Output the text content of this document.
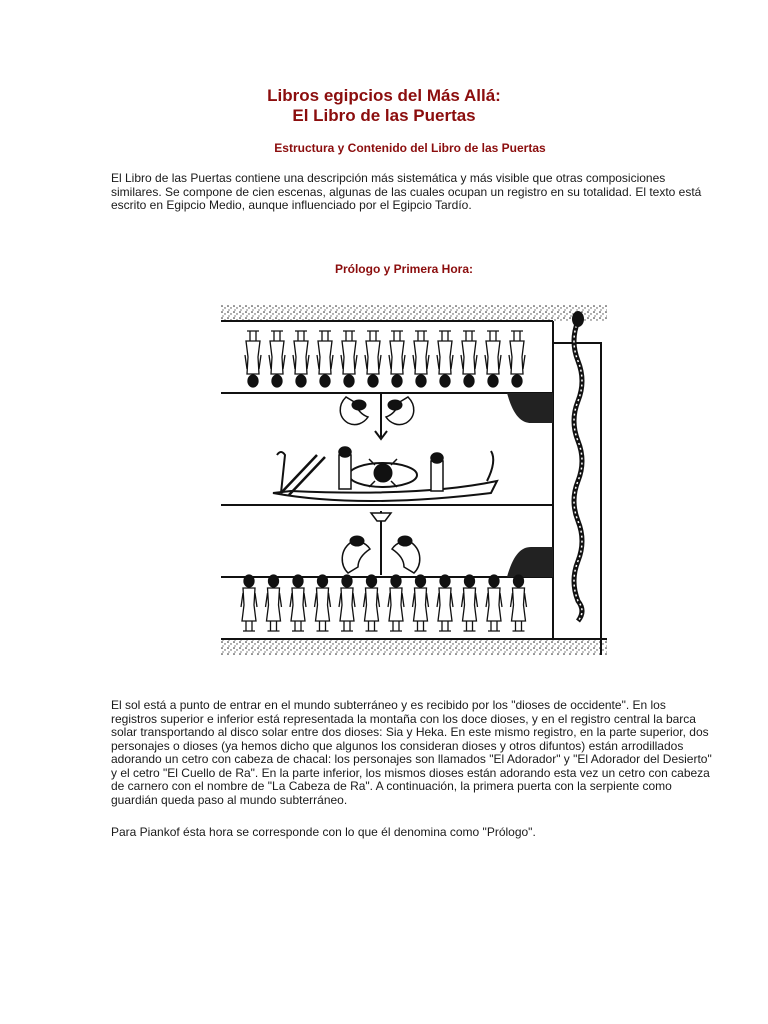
Libros egipcios del Más Allá:
El Libro de las Puertas
Estructura y Contenido del Libro de las Puertas

El Libro de las Puertas contiene una descripción más sistemática y más visible que otras composiciones similares. Se compone de cien escenas, algunas de las cuales ocupan un registro en su totalidad. El texto está escrito en Egipcio Medio, aunque influenciado por el Egipcio Tardío.

Prólogo y Primera Hora:

El sol está a punto de entrar en el mundo subterráneo y es recibido por los "dioses de occidente". En los registros superior e inferior está representada la montaña con los doce dioses, y en el registro central la barca solar transportando al disco solar entre dos dioses: Sia y Heka. En este mismo registro, en la parte superior, dos personajes o dioses (ya hemos dicho que algunos los consideran dioses y otros difuntos) están arrodillados adorando un cetro con cabeza de chacal: los personajes son llamados "El Adorador" y "El Adorador del Desierto" y el cetro "El Cuello de Ra". En la parte inferior, los mismos dioses están adorando esta vez un cetro con cabeza de carnero con el nombre de "La Cabeza de Ra". A continuación, la primera puerta con la serpiente como guardián queda paso al mundo subterráneo.

Para Piankof ésta hora se corresponde con lo que él denomina como "Prólogo".
